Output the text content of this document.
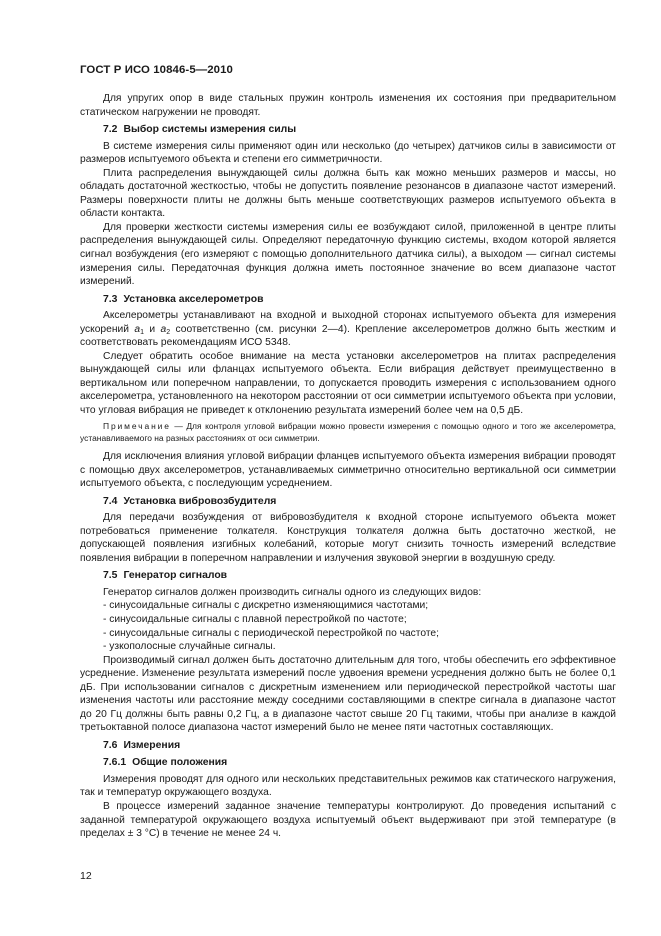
ГОСТ Р ИСО 10846-5—2010

Для упругих опор в виде стальных пружин контроль изменения их состояния при предварительном статическом нагружении не проводят.

7.2 Выбор системы измерения силы

В системе измерения силы применяют один или несколько (до четырех) датчиков силы в зависимости от размеров испытуемого объекта и степени его симметричности.

Плита распределения вынуждающей силы должна быть как можно меньших размеров и массы, но обладать достаточной жесткостью, чтобы не допустить появление резонансов в диапазоне частот измерений. Размеры поверхности плиты не должны быть меньше соответствующих размеров испытуемого объекта в области контакта.

Для проверки жесткости системы измерения силы ее возбуждают силой, приложенной в центре плиты распределения вынуждающей силы. Определяют передаточную функцию системы, входом которой является сигнал возбуждения (его измеряют с помощью дополнительного датчика силы), а выходом — сигнал системы измерения силы. Передаточная функция должна иметь постоянное значение во всем диапазоне частот измерений.

7.3 Установка акселерометров

Акселерометры устанавливают на входной и выходной сторонах испытуемого объекта для измерения ускорений $a_1$ и $a_2$ соответственно (см. рисунки 2—4). Крепление акселерометров должно быть жестким и соответствовать рекомендациям ИСО 5348.

Следует обратить особое внимание на места установки акселерометров на плитах распределения вынуждающей силы или фланцах испытуемого объекта. Если вибрация действует преимущественно в вертикальном или поперечном направлении, то допускается проводить измерения с использованием одного акселерометра, установленного на некотором расстоянии от оси симметрии испытуемого объекта при условии, что угловая вибрация не приведет к отклонению результата измерений более чем на 0,5 дБ.

Примечание — Для контроля угловой вибрации можно провести измерения с помощью одного и того же акселерометра, устанавливаемого на разных расстояниях от оси симметрии.

Для исключения влияния угловой вибрации фланцев испытуемого объекта измерения вибрации проводят с помощью двух акселерометров, устанавливаемых симметрично относительно вертикальной оси симметрии испытуемого объекта, с последующим усреднением.

7.4 Установка вибровозбудителя

Для передачи возбуждения от вибровозбудителя к входной стороне испытуемого объекта может потребоваться применение толкателя. Конструкция толкателя должна быть достаточно жесткой, не допускающей появления изгибных колебаний, которые могут снизить точность измерений вследствие появления вибрации в поперечном направлении и излучения звуковой энергии в воздушную среду.

7.5 Генератор сигналов

Генератор сигналов должен производить сигналы одного из следующих видов:

- синусоидальные сигналы с дискретно изменяющимися частотами;

- синусоидальные сигналы с плавной перестройкой по частоте;

- синусоидальные сигналы с периодической перестройкой по частоте;

- узкополосные случайные сигналы.

Производимый сигнал должен быть достаточно длительным для того, чтобы обеспечить его эффективное усреднение. Изменение результата измерений после удвоения времени усреднения должно быть не более 0,1 дБ. При использовании сигналов с дискретным изменением или периодической перестройкой частоты шаг изменения частоты или расстояние между соседними составляющими в спектре сигнала в диапазоне частот до 20 Гц должны быть равны 0,2 Гц, а в диапазоне частот свыше 20 Гц такими, чтобы при анализе в каждой третьоктавной полосе диапазона частот измерений было не менее пяти частотных составляющих.

7.6 Измерения
7.6.1 Общие положения

Измерения проводят для одного или нескольких представительных режимов как статического нагружения, так и температур окружающего воздуха.

В процессе измерений заданное значение температуры контролируют. До проведения испытаний с заданной температурой окружающего воздуха испытуемый объект выдерживают при этой температуре (в пределах ± 3 °С) в течение не менее 24 ч.

12
